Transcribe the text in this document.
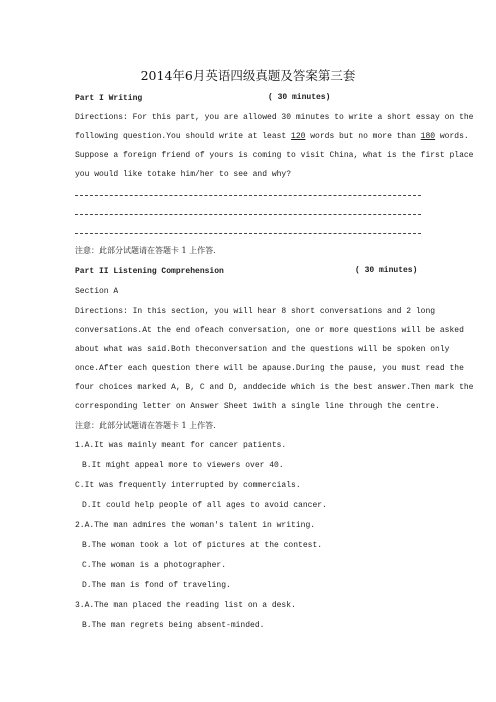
2014年6月英语四级真题及答案第三套
Part I Writing	( 30 minutes)
Directions: For this part, you are allowed 30 minutes to write a short essay on the
following question.You should write at least 120 words but no more than 180 words.
Suppose a foreign friend of yours is coming to visit China, what is the first place
you would like totake him/her to see and why?
注意：此部分试题请在答题卡 1 上作答.
Part II Listening Comprehension	( 30 minutes)
Section A
Directions: In this section, you will hear 8 short conversations and 2 long
conversations.At the end ofeach conversation, one or more questions will be asked
about what was said.Both theconversation and the questions will be spoken only
once.After each question there will be apause.During the pause, you must read the
four choices marked A, B, C and D, anddecide which is the best answer.Then mark the
corresponding letter on Answer Sheet 1with a single line through the centre.
注意：此部分试题请在答题卡 1 上作答.
1.A.It was mainly meant for cancer patients.
B.It might appeal more to viewers over 40.
C.It was frequently interrupted by commercials.
D.It could help people of all ages to avoid cancer.
2.A.The man admires the woman's talent in writing.
B.The woman took a lot of pictures at the contest.
C.The woman is a photographer.
D.The man is fond of traveling.
3.A.The man placed the reading list on a desk.
B.The man regrets being absent-minded.
